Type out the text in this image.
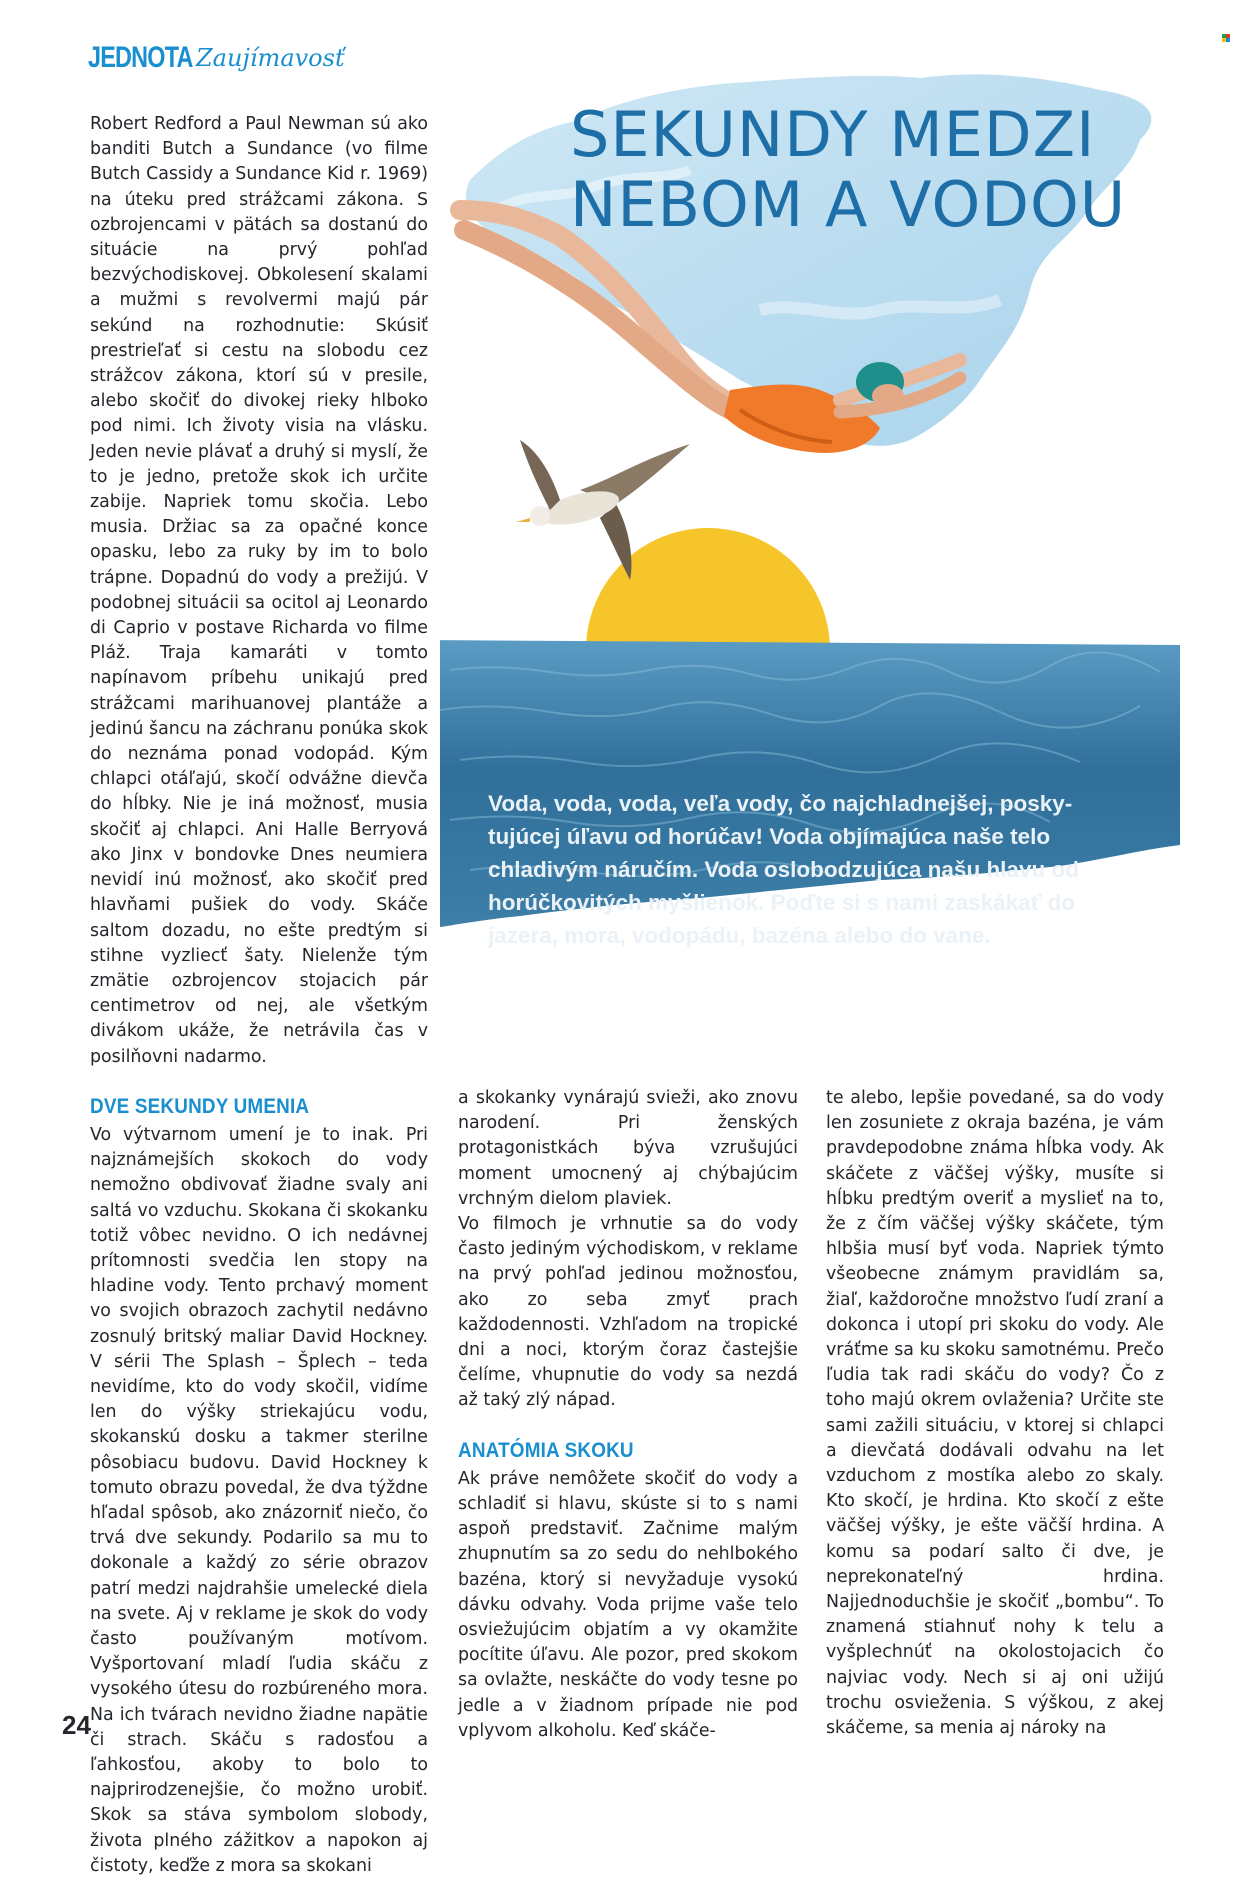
JEDNOTA Zaujímavosť
SEKUNDY MEDZI
NEBOM A VODOU
Voda, voda, voda, veľa vody, čo najchladnejšej, posky-tujúcej úľavu od horúčav! Voda objímajúca naše telo chladivým náručím. Voda oslobodzujúca našu hlavu od horúčkovitých myšlienok. Poďte si s nami zaskákať do jazera, mora, vodopádu, bazéna alebo do vane.

Robert Redford a Paul Newman sú ako banditi Butch a Sundance (vo filme Butch Cassidy a Sundance Kid r. 1969) na úteku pred strážcami zákona. S ozbrojencami v pätách sa dostanú do situácie na prvý pohľad bezvýchodiskovej. Obkolesení skalami a mužmi s revolvermi majú pár sekúnd na rozhodnutie: Skúsiť prestrieľať si cestu na slobodu cez strážcov zákona, ktorí sú v presile, alebo skočiť do divokej rieky hlboko pod nimi. Ich životy visia na vlásku. Jeden nevie plávať a druhý si myslí, že to je jedno, pretože skok ich určite zabije. Napriek tomu skočia. Lebo musia. Držiac sa za opačné konce opasku, lebo za ruky by im to bolo trápne. Dopadnú do vody a prežijú. V podobnej situácii sa ocitol aj Leonardo di Caprio v postave Richarda vo filme Pláž. Traja kamaráti v tomto napínavom príbehu unikajú pred strážcami marihuanovej plantáže a jedinú šancu na záchranu ponúka skok do neznáma ponad vodopád. Kým chlapci otáľajú, skočí odvážne dievča do hĺbky. Nie je iná možnosť, musia skočiť aj chlapci. Ani Halle Berryová ako Jinx v bondovke Dnes neumiera nevidí inú možnosť, ako skočiť pred hlavňami pušiek do vody. Skáče saltom dozadu, no ešte predtým si stihne vyzliecť šaty. Nielenže tým zmätie ozbrojencov stojacich pár centimetrov od nej, ale všetkým divákom ukáže, že netrávila čas v posilňovni nadarmo.

DVE SEKUNDY UMENIA

Vo výtvarnom umení je to inak. Pri najznámejších skokoch do vody nemožno obdivovať žiadne svaly ani saltá vo vzduchu. Skokana či skokanku totiž vôbec nevidno. O ich nedávnej prítomnosti svedčia len stopy na hladine vody. Tento prchavý moment vo svojich obrazoch zachytil nedávno zosnulý britský maliar David Hockney. V sérii The Splash – Šplech – teda nevidíme, kto do vody skočil, vidíme len do výšky striekajúcu vodu, skokanskú dosku a takmer sterilne pôsobiacu budovu. David Hockney k tomuto obrazu povedal, že dva týždne hľadal spôsob, ako znázorniť niečo, čo trvá dve sekundy. Podarilo sa mu to dokonale a každý zo série obrazov patrí medzi najdrahšie umelecké diela na svete. Aj v reklame je skok do vody často používaným motívom. Vyšportovaní mladí ľudia skáču z vysokého útesu do rozbúreného mora. Na ich tvárach nevidno žiadne napätie či strach. Skáču s radosťou a ľahkosťou, akoby to bolo to najprirodzenejšie, čo možno urobiť. Skok sa stáva symbolom slobody, života plného zážitkov a napokon aj čistoty, keďže z mora sa skokani

a skokanky vynárajú svieži, ako znovu narodení. Pri ženských protagonistkách býva vzrušujúci moment umocnený aj chýbajúcim vrchným dielom plaviek.

Vo filmoch je vrhnutie sa do vody často jediným východiskom, v reklame na prvý pohľad jedinou možnosťou, ako zo seba zmyť prach každodennosti. Vzhľadom na tropické dni a noci, ktorým čoraz častejšie čelíme, vhupnutie do vody sa nezdá až taký zlý nápad.

ANATÓMIA SKOKU

Ak práve nemôžete skočiť do vody a schladiť si hlavu, skúste si to s nami aspoň predstaviť. Začnime malým zhupnutím sa zo sedu do nehlbokého bazéna, ktorý si nevyžaduje vysokú dávku odvahy. Voda prijme vaše telo osviežujúcim objatím a vy okamžite pocítite úľavu. Ale pozor, pred skokom sa ovlažte, neskáčte do vody tesne po jedle a v žiadnom prípade nie pod vplyvom alkoholu. Keď skáče-

te alebo, lepšie povedané, sa do vody len zosuniete z okraja bazéna, je vám pravdepodobne známa hĺbka vody. Ak skáčete z väčšej výšky, musíte si hĺbku predtým overiť a myslieť na to, že z čím väčšej výšky skáčete, tým hlbšia musí byť voda. Napriek týmto všeobecne známym pravidlám sa, žiaľ, každoročne množstvo ľudí zraní a dokonca i utopí pri skoku do vody. Ale vráťme sa ku skoku samotnému. Prečo ľudia tak radi skáču do vody? Čo z toho majú okrem ovlaženia? Určite ste sami zažili situáciu, v ktorej si chlapci a dievčatá dodávali odvahu na let vzduchom z mostíka alebo zo skaly. Kto skočí, je hrdina. Kto skočí z ešte väčšej výšky, je ešte väčší hrdina. A komu sa podarí salto či dve, je neprekonateľný hrdina. Najjednoduchšie je skočiť „bombu“. To znamená stiahnuť nohy k telu a vyšplechnúť na okolostojacich čo najviac vody. Nech si aj oni užijú trochu osvieženia. S výškou, z akej skáčeme, sa menia aj nároky na

24
